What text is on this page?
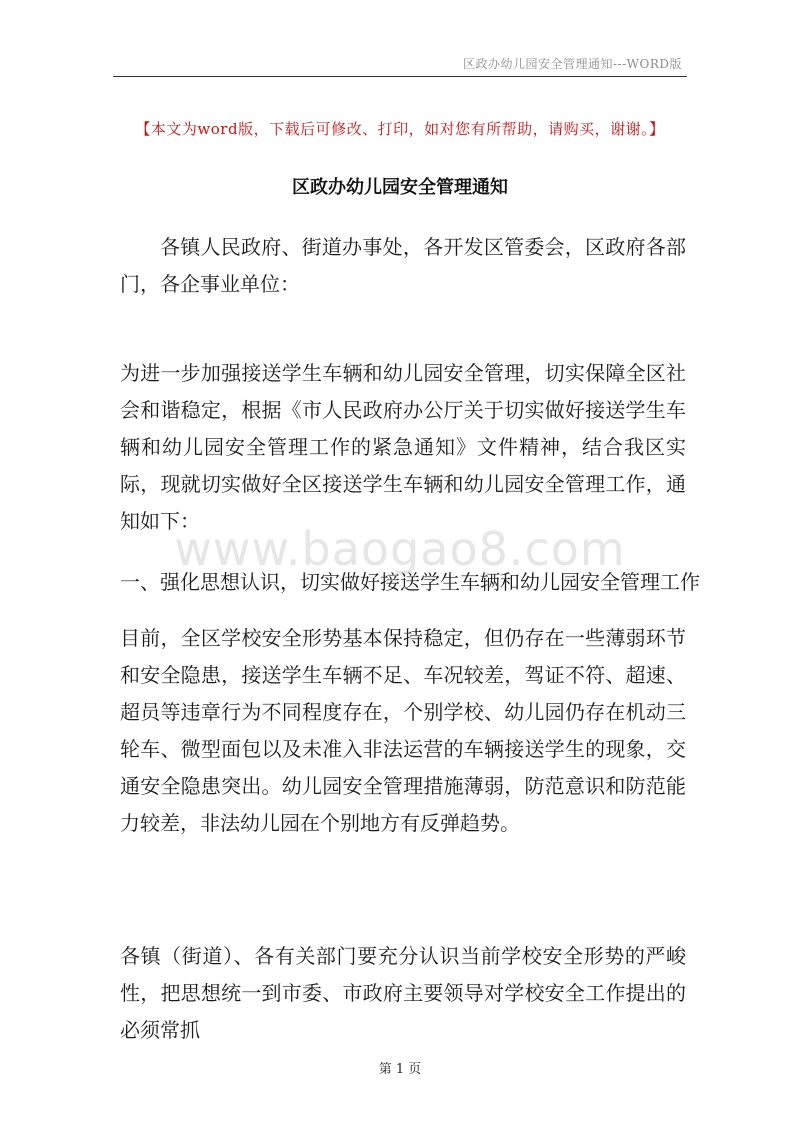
区政办幼儿园安全管理通知---WORD版
www.baogao8.com
【本文为word版，下载后可修改、打印，如对您有所帮助，请购买，谢谢。】
区政办幼儿园安全管理通知
各镇人民政府、街道办事处，各开发区管委会，区政府各部门，各企事业单位：
为进一步加强接送学生车辆和幼儿园安全管理，切实保障全区社会和谐稳定，根据《市人民政府办公厅关于切实做好接送学生车辆和幼儿园安全管理工作的紧急通知》文件精神，结合我区实际，现就切实做好全区接送学生车辆和幼儿园安全管理工作，通知如下：
一、强化思想认识，切实做好接送学生车辆和幼儿园安全管理工作
目前，全区学校安全形势基本保持稳定，但仍存在一些薄弱环节和安全隐患，接送学生车辆不足、车况较差，驾证不符、超速、超员等违章行为不同程度存在，个别学校、幼儿园仍存在机动三轮车、微型面包以及未准入非法运营的车辆接送学生的现象，交通安全隐患突出。幼儿园安全管理措施薄弱，防范意识和防范能力较差，非法幼儿园在个别地方有反弹趋势。
各镇（街道）、各有关部门要充分认识当前学校安全形势的严峻性，把思想统一到市委、市政府主要领导对学校安全工作提出的必须常抓
第 1 页
